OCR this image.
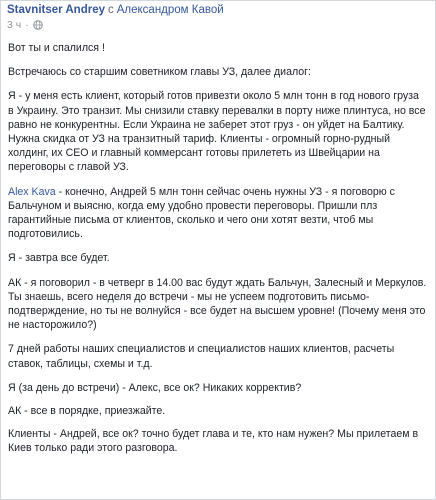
Stavnitser Andrey с Александром Кавой
3 ч ·

Вот ты и спалился !

Встречаюсь со старшим советником главы УЗ, далее диалог:

Я - у меня есть клиент, который готов привезти около 5 млн тонн в год нового груза в Украину. Это транзит. Мы снизили ставку перевалки в порту ниже плинтуса, но все равно не конкурентны. Если Украина не заберет этот груз - он уйдет на Балтику. Нужна скидка от УЗ на транзитный тариф. Клиенты - огромный горно-рудный холдинг, их CEO и главный коммерсант готовы прилететь из Швейцарии на переговоры с главой УЗ.

Alex Kava - конечно, Андрей 5 млн тонн сейчас очень нужны УЗ - я поговорю с Бальчуном и выясню, когда ему удобно провести переговоры. Пришли плз гарантийные письма от клиентов, сколько и чего они хотят везти, чтоб мы подготовились.

Я - завтра все будет.

АК - я поговорил - в четверг в 14.00 вас будут ждать Бальчун, Залесный и Меркулов. Ты знаешь, всего неделя до встречи - мы не успеем подготовить письмо-подтверждение, но ты не волнуйся - все будет на высшем уровне! (Почему меня это не насторожило?)

7 дней работы наших специалистов и специалистов наших клиентов, расчеты ставок, таблицы, схемы и т.д.

Я (за день до встречи) - Алекс, все ок? Никаких корректив?

АК - все в порядке, приезжайте.

Клиенты - Андрей, все ок? точно будет глава и те, кто нам нужен? Мы прилетаем в Киев только ради этого разговора.
